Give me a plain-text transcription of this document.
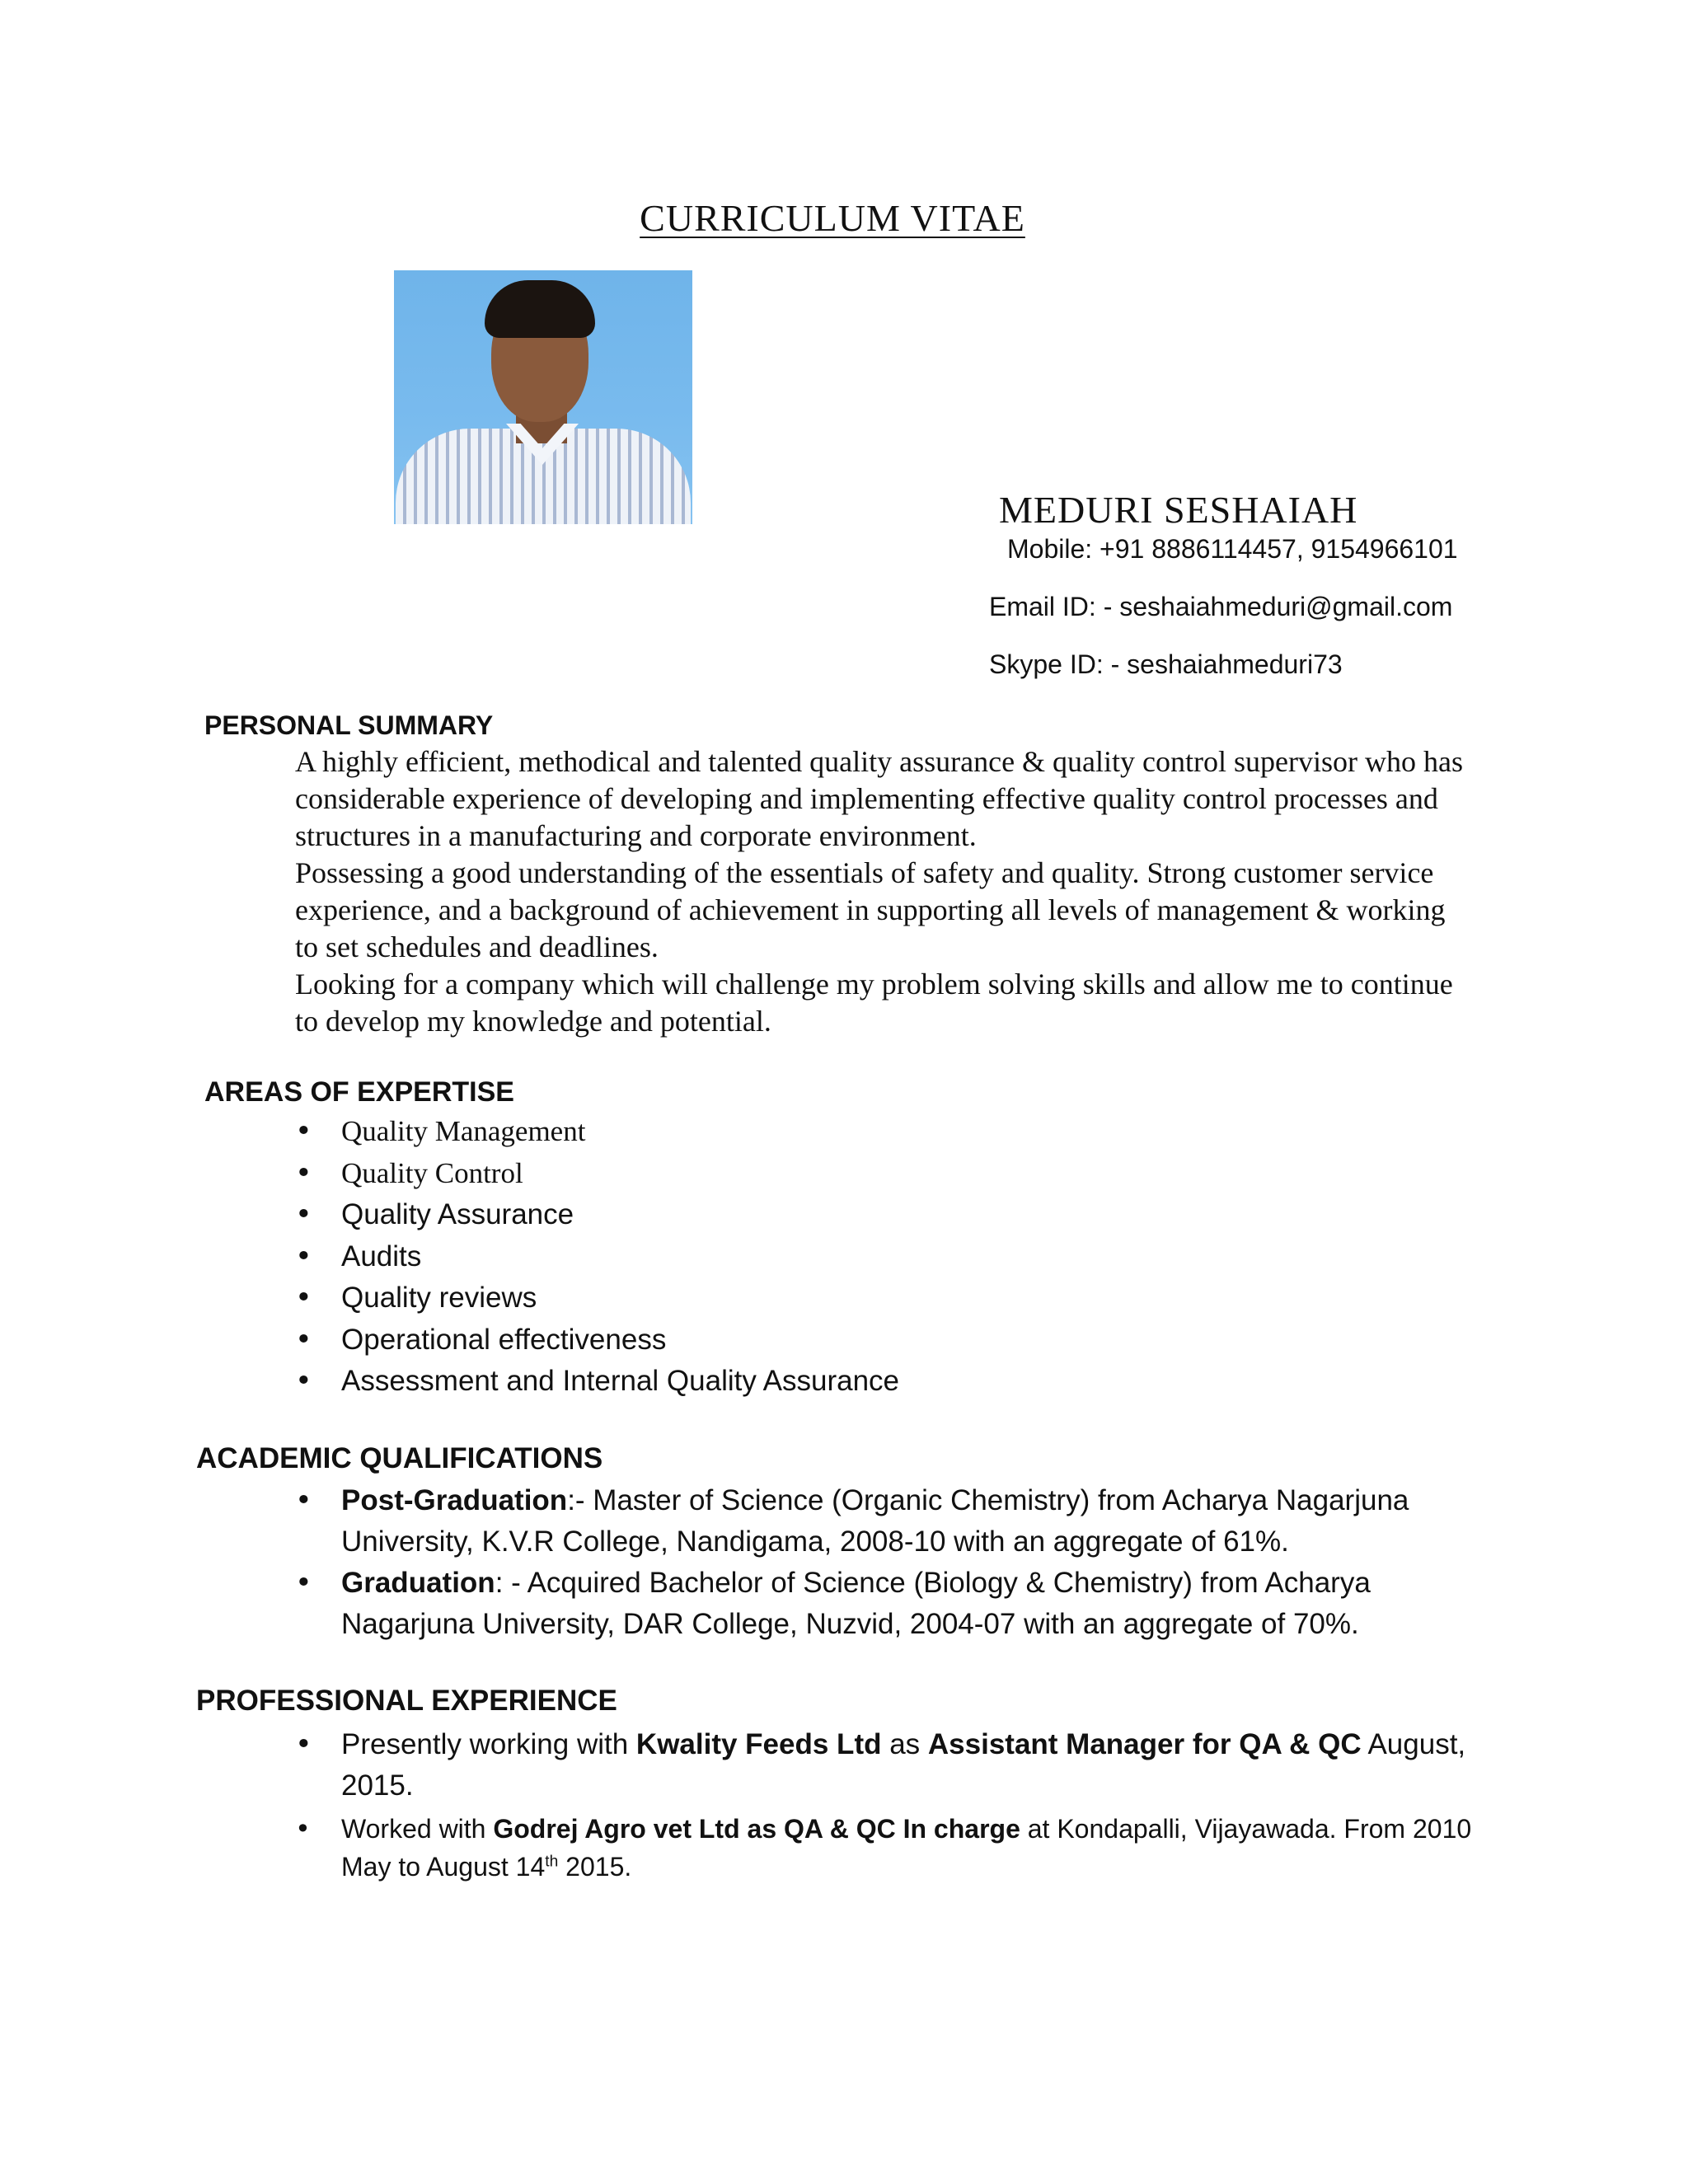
CURRICULUM VITAE
MEDURI SESHAIAH
Mobile: +91 8886114457, 9154966101
Email ID: - seshaiahmeduri@gmail.com
Skype ID: - seshaiahmeduri73
PERSONAL SUMMARY

A highly efficient, methodical and talented quality assurance & quality control supervisor who has considerable experience of developing and implementing effective quality control processes and structures in a manufacturing and corporate environment.

Possessing a good understanding of the essentials of safety and quality. Strong customer service experience, and a background of achievement in supporting all levels of management & working to set schedules and deadlines.

Looking for a company which will challenge my problem solving skills and allow me to continue to develop my knowledge and potential.

AREAS OF EXPERTISE
• Quality Management
• Quality Control
• Quality Assurance
• Audits
• Quality reviews
• Operational effectiveness
• Assessment and Internal Quality Assurance
ACADEMIC QUALIFICATIONS
• Post-Graduation:- Master of Science (Organic Chemistry) from Acharya Nagarjuna University, K.V.R College, Nandigama, 2008-10 with an aggregate of 61%.
• Graduation: - Acquired Bachelor of Science (Biology & Chemistry) from Acharya Nagarjuna University, DAR College, Nuzvid, 2004-07 with an aggregate of 70%.
PROFESSIONAL EXPERIENCE
• Presently working with Kwality Feeds Ltd as Assistant Manager for QA & QC August, 2015.
• Worked with Godrej Agro vet Ltd as QA & QC In charge at Kondapalli, Vijayawada. From 2010 May to August 14th 2015.
